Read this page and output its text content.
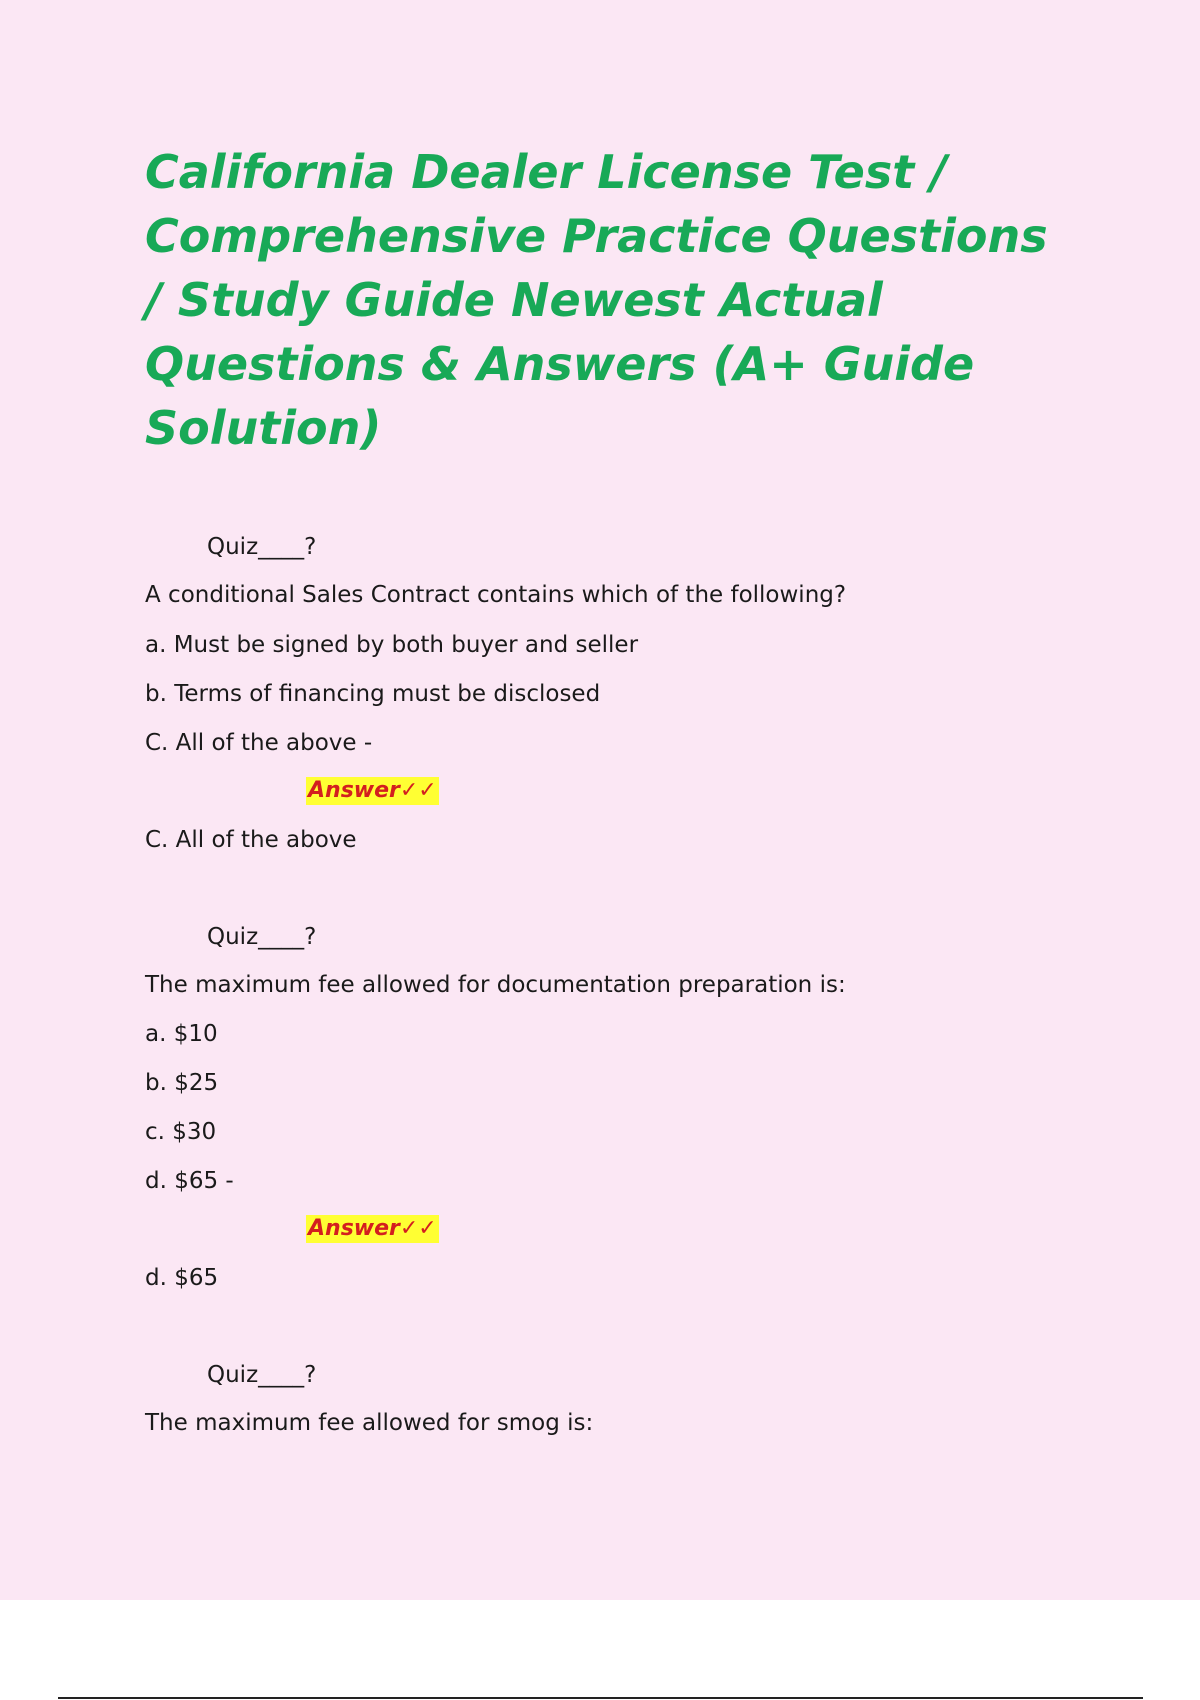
California Dealer License Test / Comprehensive Practice Questions / Study Guide Newest Actual Questions & Answers (A+ Guide Solution)
Quiz____?
A conditional Sales Contract contains which of the following?
a. Must be signed by both buyer and seller
b. Terms of financing must be disclosed
C. All of the above -
Answer✓✓
C. All of the above
Quiz____?
The maximum fee allowed for documentation preparation is:
a. $10
b. $25
c. $30
d. $65 -
Answer✓✓
d. $65
Quiz____?
The maximum fee allowed for smog is:
